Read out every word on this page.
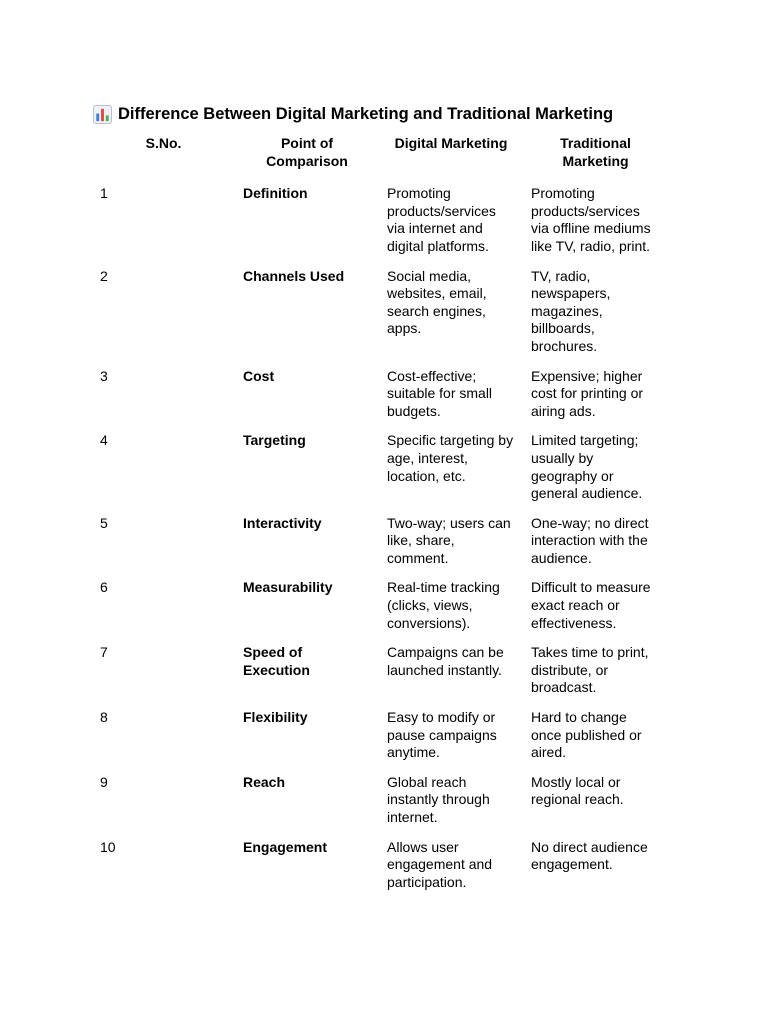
Difference Between Digital Marketing and Traditional Marketing
S.No.	Point of Comparison	Digital Marketing	Traditional Marketing
1	Definition	Promoting products/services via internet and digital platforms.	Promoting products/services via offline mediums like TV, radio, print.
2	Channels Used	Social media, websites, email, search engines, apps.	TV, radio, newspapers, magazines, billboards, brochures.
3	Cost	Cost-effective; suitable for small budgets.	Expensive; higher cost for printing or airing ads.
4	Targeting	Specific targeting by age, interest, location, etc.	Limited targeting; usually by geography or general audience.
5	Interactivity	Two-way; users can like, share, comment.	One-way; no direct interaction with the audience.
6	Measurability	Real-time tracking (clicks, views, conversions).	Difficult to measure exact reach or effectiveness.
7	Speed of Execution	Campaigns can be launched instantly.	Takes time to print, distribute, or broadcast.
8	Flexibility	Easy to modify or pause campaigns anytime.	Hard to change once published or aired.
9	Reach	Global reach instantly through internet.	Mostly local or regional reach.
10	Engagement	Allows user engagement and participation.	No direct audience engagement.
